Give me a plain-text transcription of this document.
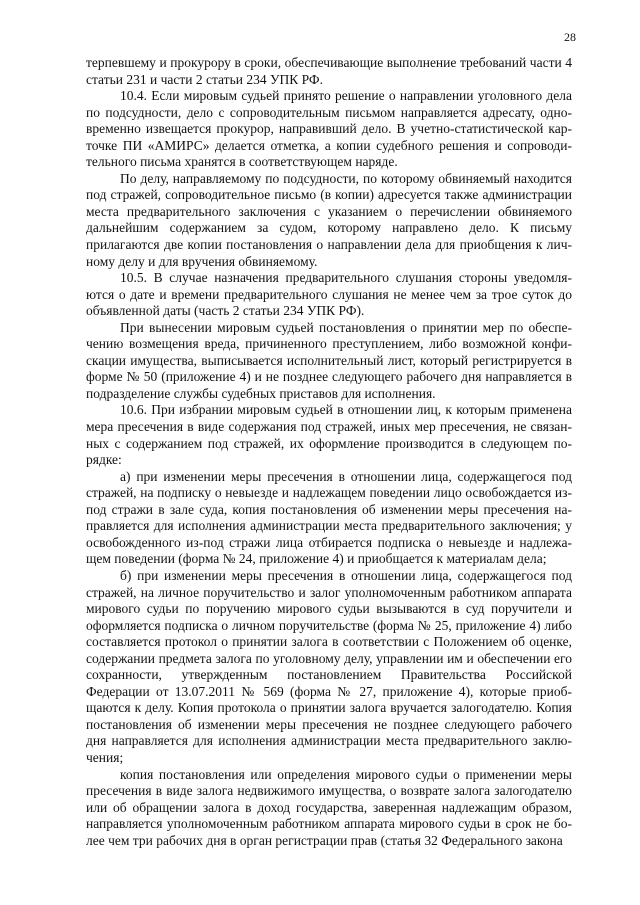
28

терпевшему и прокурору в сроки, обеспечивающие выполнение требований части 4 статьи 231 и части 2 статьи 234 УПК РФ.

10.4. Если мировым судьей принято решение о направлении уголовного дела по подсудности, дело с сопроводительным письмом направляется адресату, одновременно извещается прокурор, направивший дело. В учетно-статистической карточке ПИ «АМИРС» делается отметка, а копии судебного решения и сопроводительного письма хранятся в соответствующем наряде.

По делу, направляемому по подсудности, по которому обвиняемый находится под стражей, сопроводительное письмо (в копии) адресуется также администрации места предварительного заключения с указанием о перечислении обвиняемого дальнейшим содержанием за судом, которому направлено дело. К письму прилагаются две копии постановления о направлении дела для приобщения к личному делу и для вручения обвиняемому.

10.5. В случае назначения предварительного слушания стороны уведомляются о дате и времени предварительного слушания не менее чем за трое суток до объявленной даты (часть 2 статьи 234 УПК РФ).

При вынесении мировым судьей постановления о принятии мер по обеспечению возмещения вреда, причиненного преступлением, либо возможной конфискации имущества, выписывается исполнительный лист, который регистрируется в форме № 50 (приложение 4) и не позднее следующего рабочего дня направляется в подразделение службы судебных приставов для исполнения.

10.6. При избрании мировым судьей в отношении лиц, к которым применена мера пресечения в виде содержания под стражей, иных мер пресечения, не связанных с содержанием под стражей, их оформление производится в следующем порядке:

а) при изменении меры пресечения в отношении лица, содержащегося под стражей, на подписку о невыезде и надлежащем поведении лицо освобождается из-под стражи в зале суда, копия постановления об изменении меры пресечения направляется для исполнения администрации места предварительного заключения; у освобожденного из-под стражи лица отбирается подписка о невыезде и надлежащем поведении (форма № 24, приложение 4) и приобщается к материалам дела;

б) при изменении меры пресечения в отношении лица, содержащегося под стражей, на личное поручительство и залог уполномоченным работником аппарата мирового судьи по поручению мирового судьи вызываются в суд поручители и оформляется подписка о личном поручительстве (форма № 25, приложение 4) либо составляется протокол о принятии залога в соответствии с Положением об оценке, содержании предмета залога по уголовному делу, управлении им и обеспечении его сохранности, утвержденным постановлением Правительства Российской Федерации от 13.07.2011 № 569 (форма № 27, приложение 4), которые приобщаются к делу. Копия протокола о принятии залога вручается залогодателю. Копия постановления об изменении меры пресечения не позднее следующего рабочего дня направляется для исполнения администрации места предварительного заключения;

копия постановления или определения мирового судьи о применении меры пресечения в виде залога недвижимого имущества, о возврате залога залогодателю или об обращении залога в доход государства, заверенная надлежащим образом, направляется уполномоченным работником аппарата мирового судьи в срок не более чем три рабочих дня в орган регистрации прав (статья 32 Федерального закона
